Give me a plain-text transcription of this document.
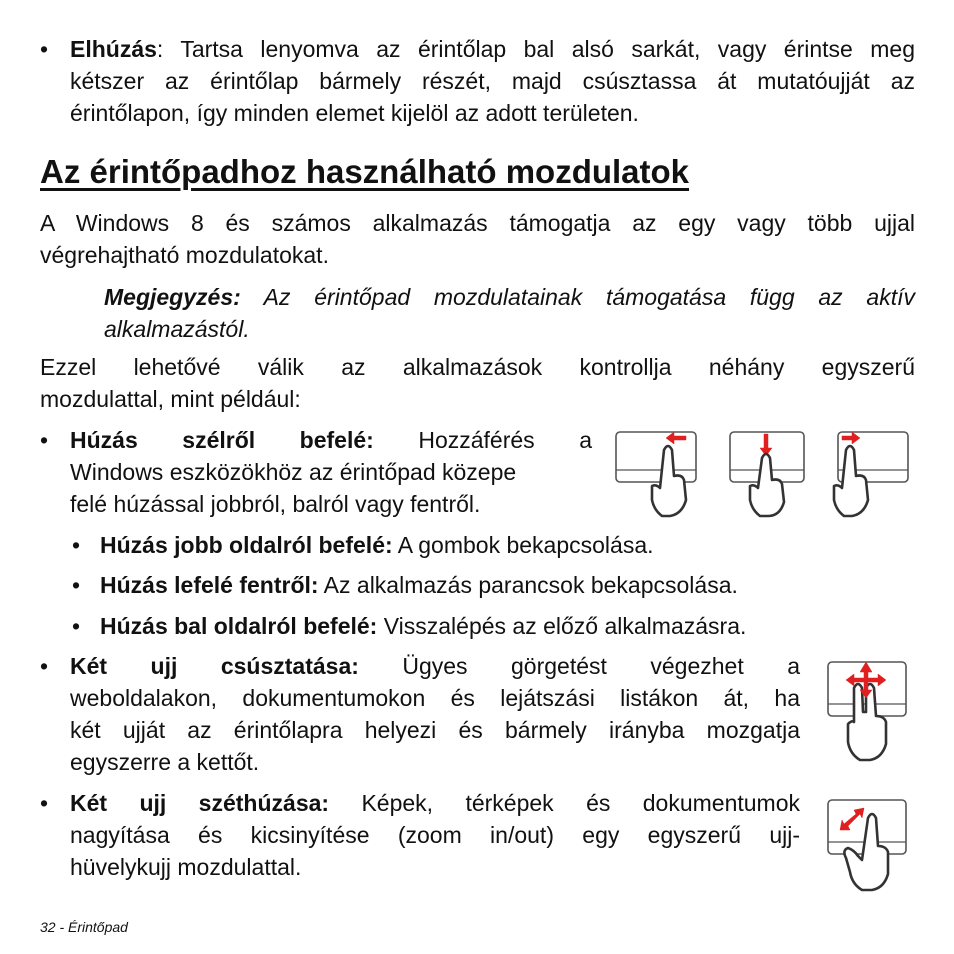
• Elhúzás: Tartsa lenyomva az érintőlap bal alsó sarkát, vagy érintse meg
kétszer az érintőlap bármely részét, majd csúsztassa át mutatóujját az
érintőlapon, így minden elemet kijelöl az adott területen.
Az érintőpadhoz használható mozdulatok
A Windows 8 és számos alkalmazás támogatja az egy vagy több ujjal
végrehajtható mozdulatokat.
Megjegyzés: Az érintőpad mozdulatainak támogatása függ az aktív
alkalmazástól.
Ezzel lehetővé válik az alkalmazások kontrollja néhány egyszerű
mozdulattal, mint például:
• Húzás szélről befelé: Hozzáférés a
Windows eszközökhöz az érintőpad közepe
felé húzással jobbról, balról vagy fentről.
• Húzás jobb oldalról befelé: A gombok bekapcsolása.
• Húzás lefelé fentről: Az alkalmazás parancsok bekapcsolása.
• Húzás bal oldalról befelé: Visszalépés az előző alkalmazásra.
• Két ujj csúsztatása: Ügyes görgetést végezhet a
weboldalakon, dokumentumokon és lejátszási listákon át, ha
két ujját az érintőlapra helyezi és bármely irányba mozgatja
egyszerre a kettőt.
• Két ujj széthúzása: Képek, térképek és dokumentumok
nagyítása és kicsinyítése (zoom in/out) egy egyszerű ujj-
hüvelykujj mozdulattal.
32 - Érintőpad
